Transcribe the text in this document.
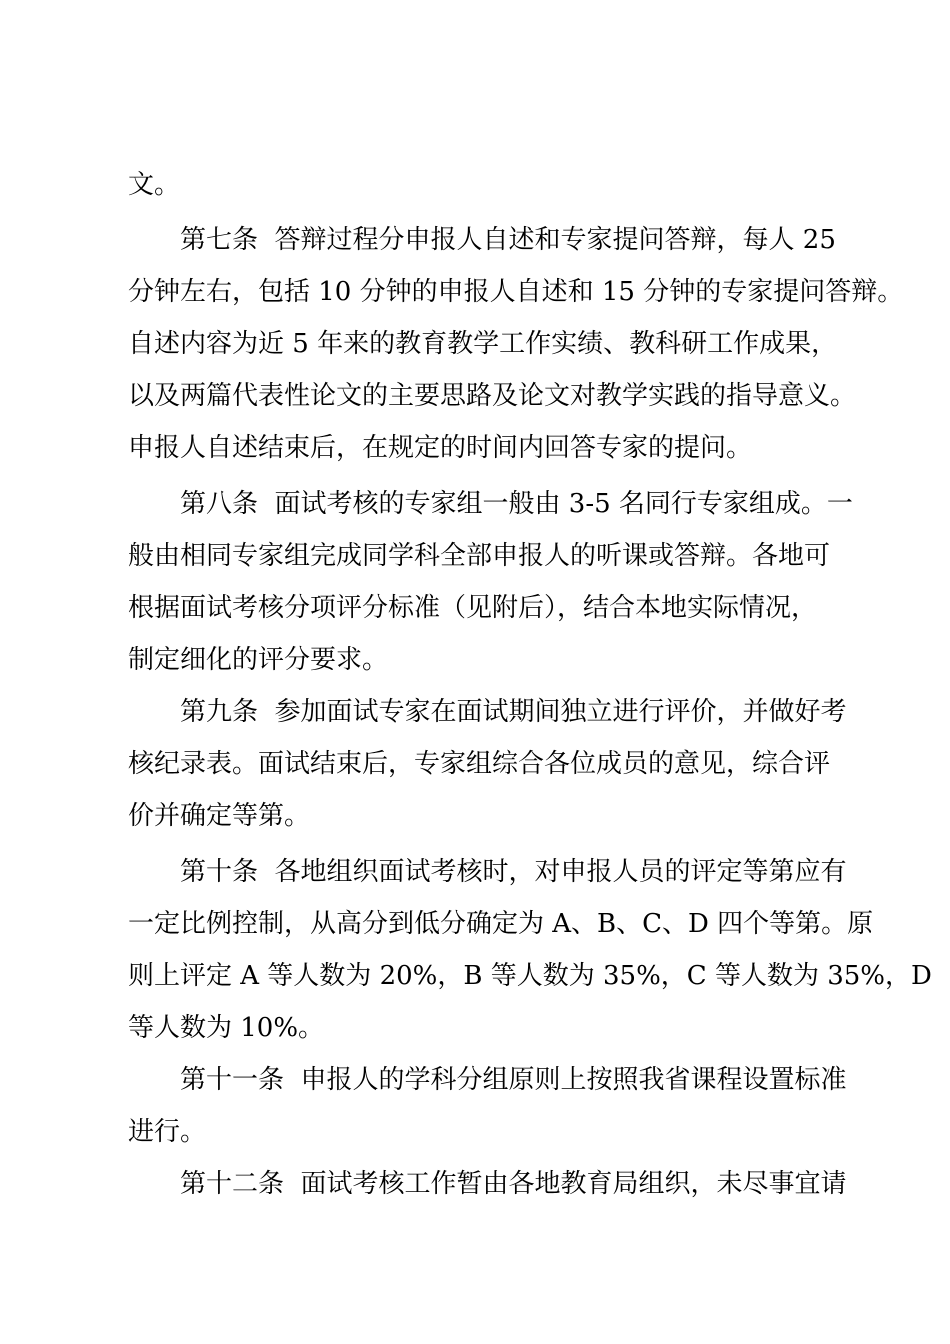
文。
第七条  答辩过程分申报人自述和专家提问答辩，每人 25
分钟左右，包括 10 分钟的申报人自述和 15 分钟的专家提问答辩。
自述内容为近 5 年来的教育教学工作实绩、教科研工作成果，
以及两篇代表性论文的主要思路及论文对教学实践的指导意义。
申报人自述结束后，在规定的时间内回答专家的提问。
第八条  面试考核的专家组一般由 3-5 名同行专家组成。一
般由相同专家组完成同学科全部申报人的听课或答辩。各地可
根据面试考核分项评分标准（见附后），结合本地实际情况，
制定细化的评分要求。
第九条  参加面试专家在面试期间独立进行评价，并做好考
核纪录表。面试结束后，专家组综合各位成员的意见，综合评
价并确定等第。
第十条  各地组织面试考核时，对申报人员的评定等第应有
一定比例控制，从高分到低分确定为 A、B、C、D 四个等第。原
则上评定 A 等人数为 20%，B 等人数为 35%，C 等人数为 35%，D
等人数为 10%。
第十一条  申报人的学科分组原则上按照我省课程设置标准
进行。
第十二条  面试考核工作暂由各地教育局组织，未尽事宜请
